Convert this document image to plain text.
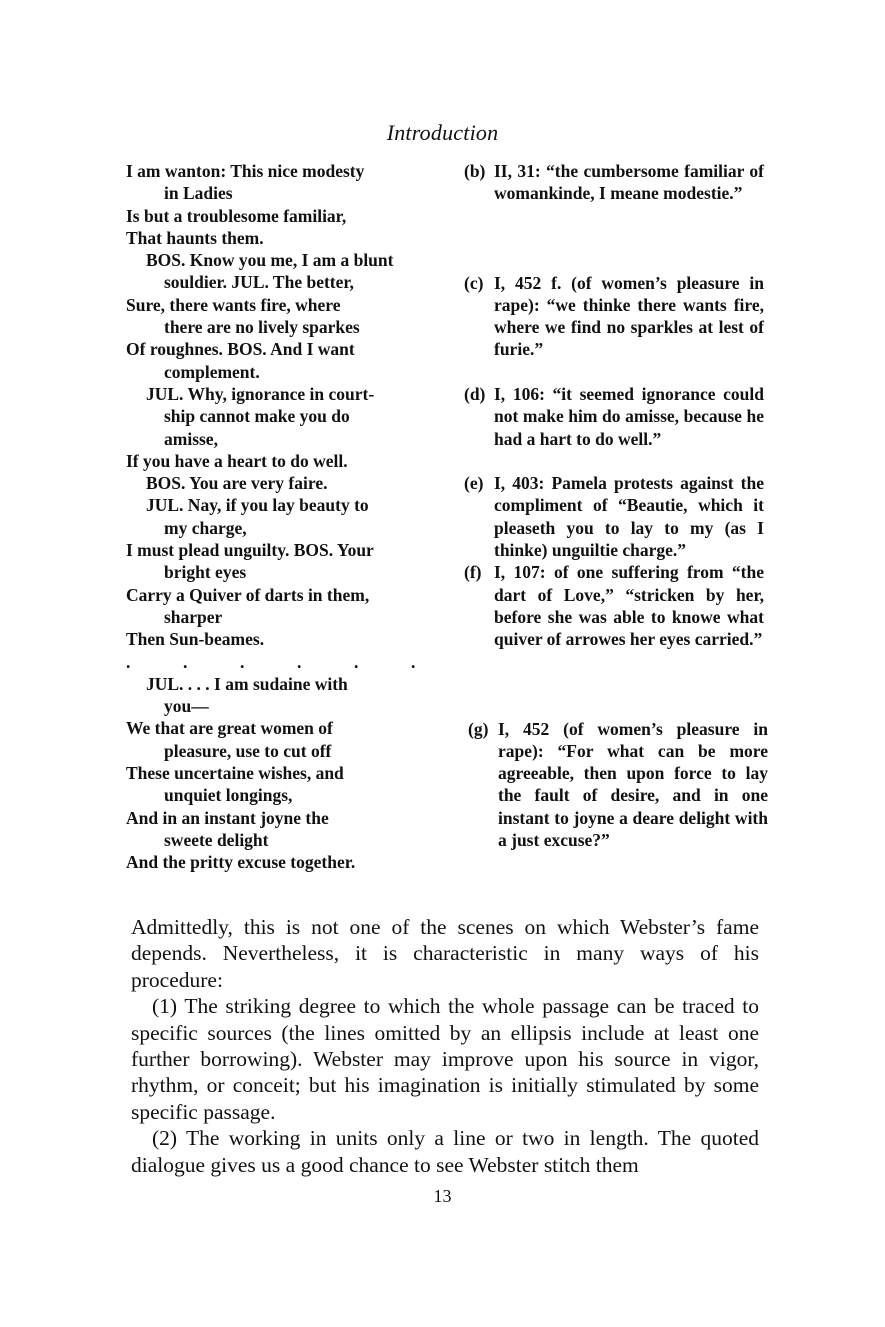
Introduction
I am wanton: This nice modesty
in Ladies
Is but a troublesome familiar,
That haunts them.
BOS. Know you me, I am a blunt
souldier. JUL. The better,
Sure, there wants fire, where
there are no lively sparkes
Of roughnes. BOS. And I want
complement.
JUL. Why, ignorance in court-
ship cannot make you do
amisse,
If you have a heart to do well.
BOS. You are very faire.
JUL. Nay, if you lay beauty to
my charge,
I must plead unguilty. BOS. Your
bright eyes
Carry a Quiver of darts in them,
sharper
Then Sun-beames.
.	.	.	.	.	.
JUL. . . . I am sudaine with
you—
We that are great women of
pleasure, use to cut off
These uncertaine wishes, and
unquiet longings,
And in an instant joyne the
sweete delight
And the pritty excuse together.
(b) II, 31: “the cumbersome familiar of womankinde, I meane modestie.”
(c) I, 452 f. (of women’s pleasure in rape): “we thinke there wants fire, where we find no sparkles at lest of furie.”
(d) I, 106: “it seemed ignorance could not make him do amisse, because he had a hart to do well.”
(e) I, 403: Pamela protests against the compliment of “Beautie, which it pleaseth you to lay to my (as I thinke) unguiltie charge.”
(f) I, 107: of one suffering from “the dart of Love,” “stricken by her, before she was able to knowe what quiver of arrowes her eyes carried.”
(g) I, 452 (of women’s pleasure in rape): “For what can be more agreeable, then upon force to lay the fault of desire, and in one instant to joyne a deare delight with a just excuse?”

Admittedly, this is not one of the scenes on which Webster’s fame depends. Nevertheless, it is characteristic in many ways of his procedure:

(1) The striking degree to which the whole passage can be traced to specific sources (the lines omitted by an ellipsis include at least one further borrowing). Webster may improve upon his source in vigor, rhythm, or conceit; but his imagination is initially stimulated by some specific passage.

(2) The working in units only a line or two in length. The quoted dialogue gives us a good chance to see Webster stitch them

13
